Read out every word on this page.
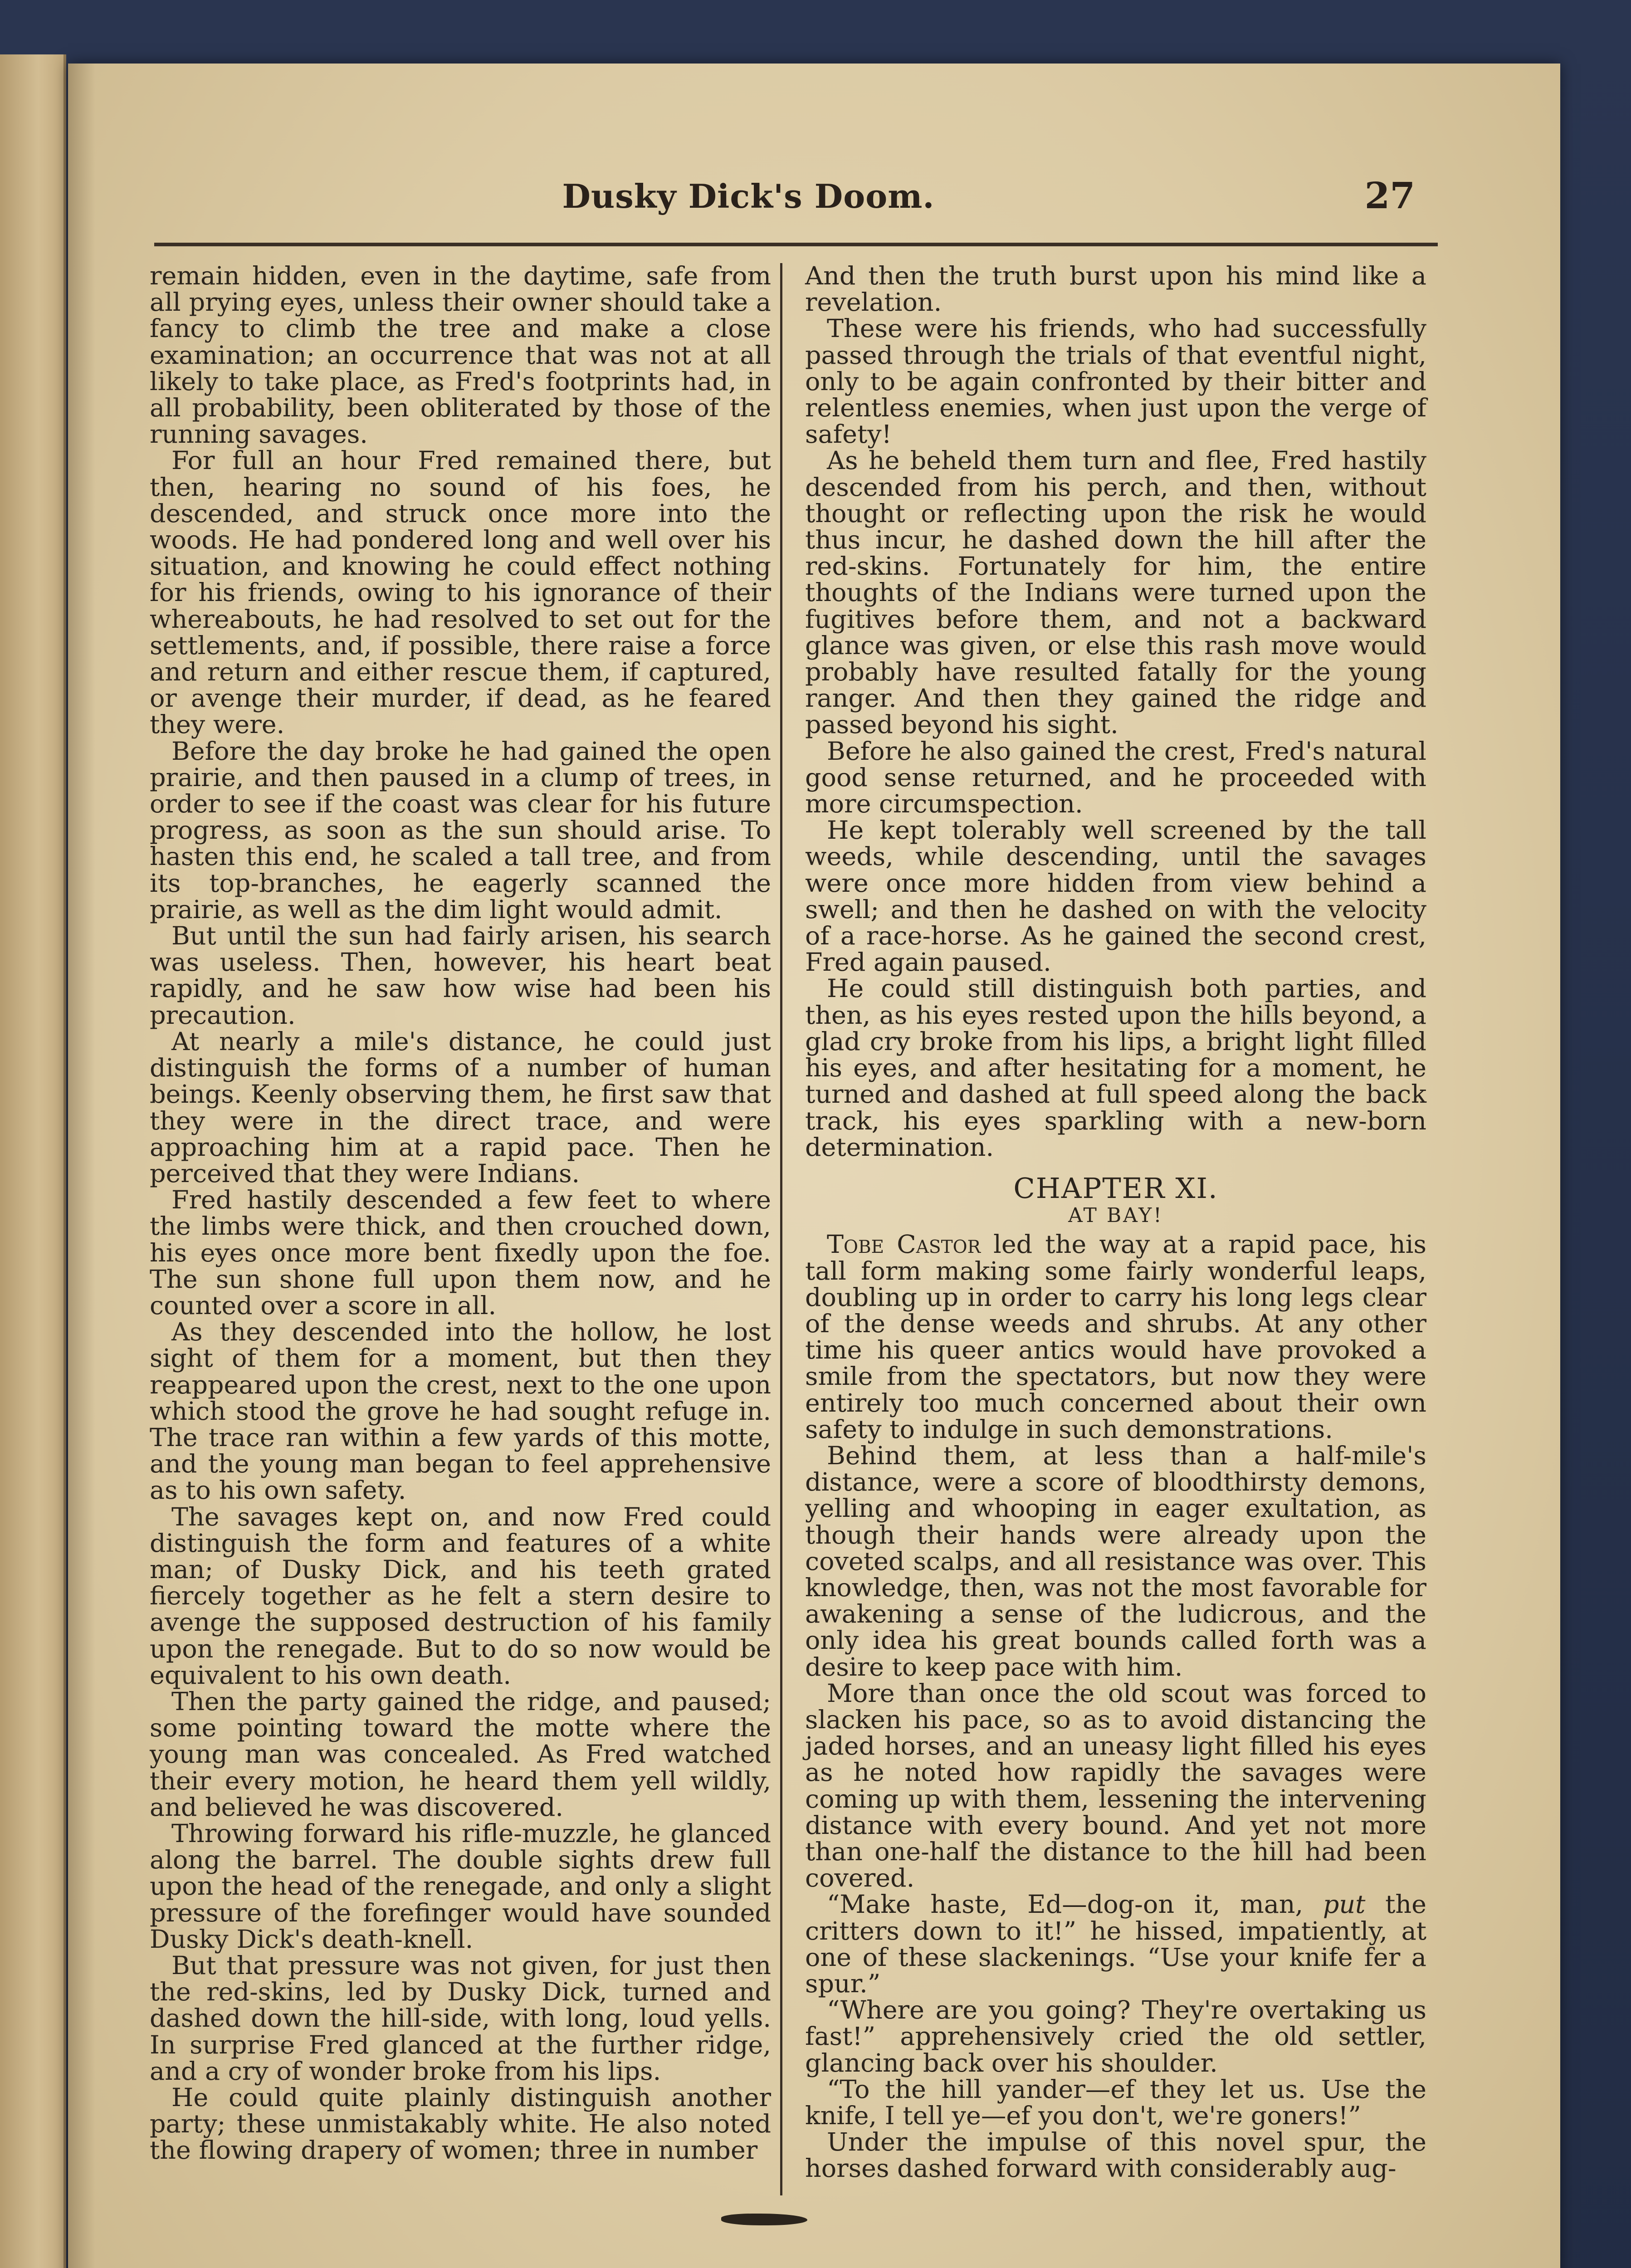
Dusky Dick's Doom.	27

remain hidden, even in the daytime, safe from all prying eyes, unless their owner should take a fancy to climb the tree and make a close examination; an occurrence that was not at all likely to take place, as Fred's footprints had, in all probability, been obliterated by those of the running savages.

For full an hour Fred remained there, but then, hearing no sound of his foes, he descended, and struck once more into the woods. He had pondered long and well over his situation, and knowing he could effect nothing for his friends, owing to his ignorance of their whereabouts, he had resolved to set out for the settlements, and, if possible, there raise a force and return and either rescue them, if captured, or avenge their murder, if dead, as he feared they were.

Before the day broke he had gained the open prairie, and then paused in a clump of trees, in order to see if the coast was clear for his future progress, as soon as the sun should arise. To hasten this end, he scaled a tall tree, and from its top-branches, he eagerly scanned the prairie, as well as the dim light would admit.

But until the sun had fairly arisen, his search was useless. Then, however, his heart beat rapidly, and he saw how wise had been his precaution.

At nearly a mile's distance, he could just distinguish the forms of a number of human beings. Keenly observing them, he first saw that they were in the direct trace, and were approaching him at a rapid pace. Then he perceived that they were Indians.

Fred hastily descended a few feet to where the limbs were thick, and then crouched down, his eyes once more bent fixedly upon the foe. The sun shone full upon them now, and he counted over a score in all.

As they descended into the hollow, he lost sight of them for a moment, but then they reappeared upon the crest, next to the one upon which stood the grove he had sought refuge in. The trace ran within a few yards of this motte, and the young man began to feel apprehensive as to his own safety.

The savages kept on, and now Fred could distinguish the form and features of a white man; of Dusky Dick, and his teeth grated fiercely together as he felt a stern desire to avenge the supposed destruction of his family upon the renegade. But to do so now would be equivalent to his own death.

Then the party gained the ridge, and paused; some pointing toward the motte where the young man was concealed. As Fred watched their every motion, he heard them yell wildly, and believed he was discovered.

Throwing forward his rifle-muzzle, he glanced along the barrel. The double sights drew full upon the head of the renegade, and only a slight pressure of the forefinger would have sounded Dusky Dick's death-knell.

But that pressure was not given, for just then the red-skins, led by Dusky Dick, turned and dashed down the hill-side, with long, loud yells. In surprise Fred glanced at the further ridge, and a cry of wonder broke from his lips.

He could quite plainly distinguish another party; these unmistakably white. He also noted the flowing drapery of women; three in number

And then the truth burst upon his mind like a revelation.

These were his friends, who had successfully passed through the trials of that eventful night, only to be again confronted by their bitter and relentless enemies, when just upon the verge of safety!

As he beheld them turn and flee, Fred hastily descended from his perch, and then, without thought or reflecting upon the risk he would thus incur, he dashed down the hill after the red-skins. Fortunately for him, the entire thoughts of the Indians were turned upon the fugitives before them, and not a backward glance was given, or else this rash move would probably have resulted fatally for the young ranger. And then they gained the ridge and passed beyond his sight.

Before he also gained the crest, Fred's natural good sense returned, and he proceeded with more circumspection.

He kept tolerably well screened by the tall weeds, while descending, until the savages were once more hidden from view behind a swell; and then he dashed on with the velocity of a race-horse. As he gained the second crest, Fred again paused.

He could still distinguish both parties, and then, as his eyes rested upon the hills beyond, a glad cry broke from his lips, a bright light filled his eyes, and after hesitating for a moment, he turned and dashed at full speed along the back track, his eyes sparkling with a new-born determination.

CHAPTER XI.
AT BAY!

Tobe Castor led the way at a rapid pace, his tall form making some fairly wonderful leaps, doubling up in order to carry his long legs clear of the dense weeds and shrubs. At any other time his queer antics would have provoked a smile from the spectators, but now they were entirely too much concerned about their own safety to indulge in such demonstrations.

Behind them, at less than a half-mile's distance, were a score of bloodthirsty demons, yelling and whooping in eager exultation, as though their hands were already upon the coveted scalps, and all resistance was over. This knowledge, then, was not the most favorable for awakening a sense of the ludicrous, and the only idea his great bounds called forth was a desire to keep pace with him.

More than once the old scout was forced to slacken his pace, so as to avoid distancing the jaded horses, and an uneasy light filled his eyes as he noted how rapidly the savages were coming up with them, lessening the intervening distance with every bound. And yet not more than one-half the distance to the hill had been covered.

“Make haste, Ed—dog-on it, man, put the critters down to it!” he hissed, impatiently, at one of these slackenings. “Use your knife fer a spur.”

“Where are you going? They're overtaking us fast!” apprehensively cried the old settler, glancing back over his shoulder.

“To the hill yander—ef they let us. Use the knife, I tell ye—ef you don't, we're goners!”

Under the impulse of this novel spur, the horses dashed forward with considerably aug-
